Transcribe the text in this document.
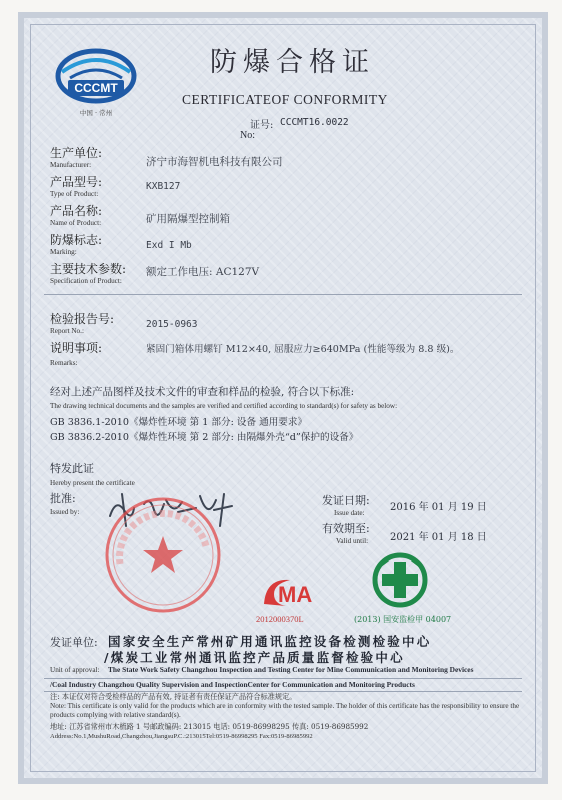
CCCMT
中国 · 常州
防爆合格证
CERTIFICATEOF CONFORMITY
证号: CCCMT16.0022
No:
生产单位:
Manufacturer:	济宁市海智机电科技有限公司
产品型号:
Type of Product:
KXB127
产品名称:
Name of Product:	矿用隔爆型控制箱
防爆标志:
Marking:
Exd I Mb
主要技术参数:
Specification of Product:
额定工作电压: AC127V
检验报告号:
Report No.:
2015-0963
说明事项:
Remarks:
紧固门箱体用螺钉 M12×40, 屈服应力≥640MPa (性能等级为 8.8 级)。
经对上述产品图样及技术文件的审查和样品的检验, 符合以下标准:
The drawing technical documents and the samples are verified and certified according to standard(s) for safety as below:
GB 3836.1-2010《爆炸性环境 第 1 部分: 设备 通用要求》
GB 3836.2-2010《爆炸性环境 第 2 部分: 由隔爆外壳“d”保护的设备》
特发此证
Hereby present the certificate
批准:
Issued by:
发证日期:
Issue date:	2016 年 01 月 19 日
有效期至:
Valid until: 2021 年 01 月 18 日
MA
2012000370L	(2013) 国安监检甲 04007
发证单位: 国家安全生产常州矿用通讯监控设备检测检验中心
/煤炭工业常州通讯监控产品质量监督检验中心
Unit of approval: The State Work Safety Changzhou Inspection and Testing Center for Mine Communication and Monitoring Devices
/Coal Industry Changzhou Quality Supervision and InspectionCenter for Communication and Monitoring Products
注: 本证仅对符合受检样品的产品有效, 持证者有责任保证产品符合标准规定。
Note: This certificate is only valid for the products which are in conformity with the tested sample. The holder of this certificate has the responsibility to ensure the products complying with relative standard(s).
地址: 江苏省常州市木梳路 1 号邮政编码: 213015 电话: 0519-86998295 传真: 0519-86985992
Address:No.1,MushuRoad,Changzhou,JiangsuP.C.:213015Tel:0519-86998295 Fax:0519-86985992
